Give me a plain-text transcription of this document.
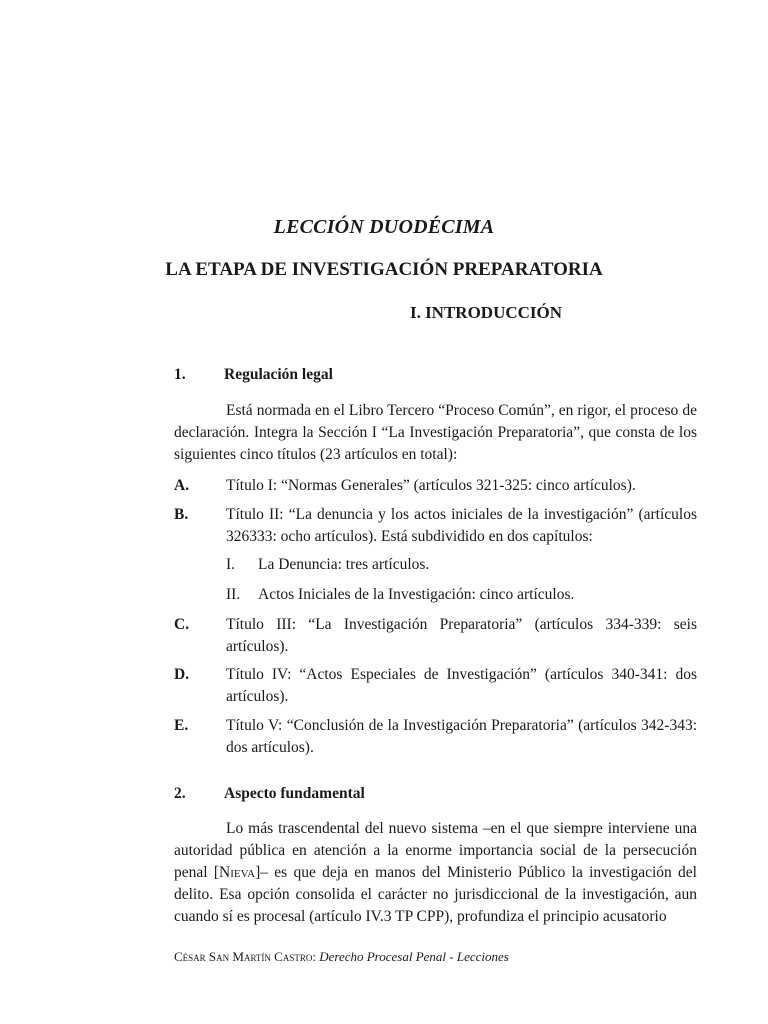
LECCIÓN DUODÉCIMA
LA ETAPA DE INVESTIGACIÓN PREPARATORIA
I. INTRODUCCIÓN
1. Regulación legal
Está normada en el Libro Tercero “Proceso Común”, en rigor, el proceso de declaración. Integra la Sección I “La Investigación Preparatoria”, que consta de los siguientes cinco títulos (23 artículos en total):
A. Título I: “Normas Generales” (artículos 321-325: cinco artículos).
B. Título II: “La denuncia y los actos iniciales de la investigación” (artículos 326333: ocho artículos). Está subdividido en dos capítulos:
I. La Denuncia: tres artículos.
II. Actos Iniciales de la Investigación: cinco artículos.
C. Título III: “La Investigación Preparatoria” (artículos 334-339: seis artículos).
D. Título IV: “Actos Especiales de Investigación” (artículos 340-341: dos artículos).
E. Título V: “Conclusión de la Investigación Preparatoria” (artículos 342-343: dos artículos).
2. Aspecto fundamental
Lo más trascendental del nuevo sistema –en el que siempre interviene una autoridad pública en atención a la enorme importancia social de la persecución penal [Nieva]– es que deja en manos del Ministerio Público la investigación del delito. Esa opción consolida el carácter no jurisdiccional de la investigación, aun cuando sí es procesal (artículo IV.3 TP CPP), profundiza el principio acusatorio
César San Martín Castro: Derecho Procesal Penal - Lecciones
